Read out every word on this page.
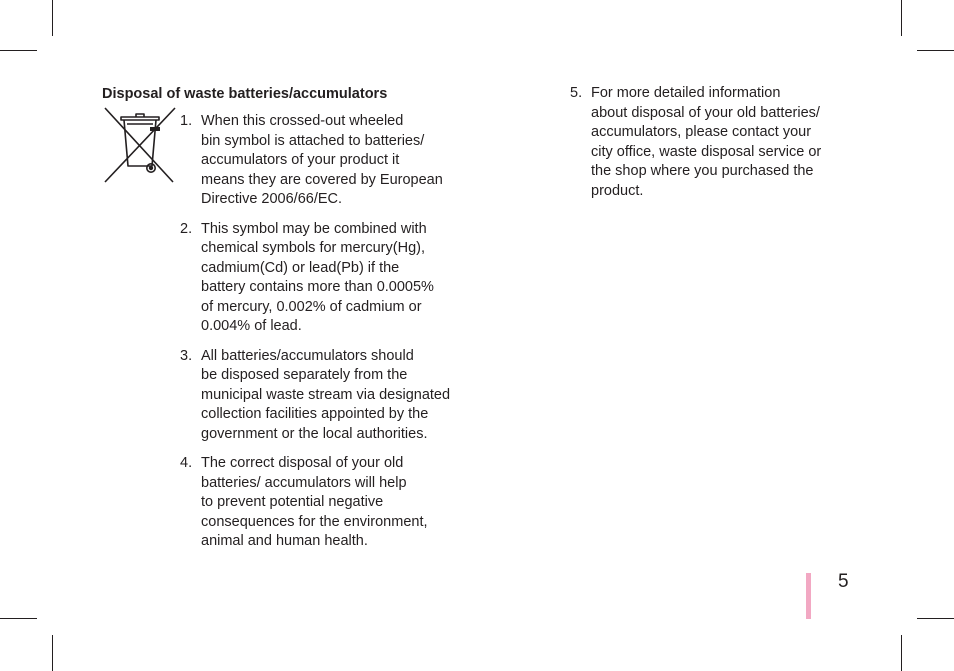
Disposal of waste batteries/accumulators
1. When this crossed-out wheeled
bin symbol is attached to batteries/
accumulators of your product it
means they are covered by European
Directive 2006/66/EC.
2. This symbol may be combined with
chemical symbols for mercury(Hg),
cadmium(Cd) or lead(Pb) if the
battery contains more than 0.0005%
of mercury, 0.002% of cadmium or
0.004% of lead.
3. All batteries/accumulators should
be disposed separately from the
municipal waste stream via designated
collection facilities appointed by the
government or the local authorities.
4. The correct disposal of your old
batteries/ accumulators will help
to prevent potential negative
consequences for the environment,
animal and human health.
5. For more detailed information
about disposal of your old batteries/
accumulators, please contact your
city office, waste disposal service or
the shop where you purchased the
product.
5
